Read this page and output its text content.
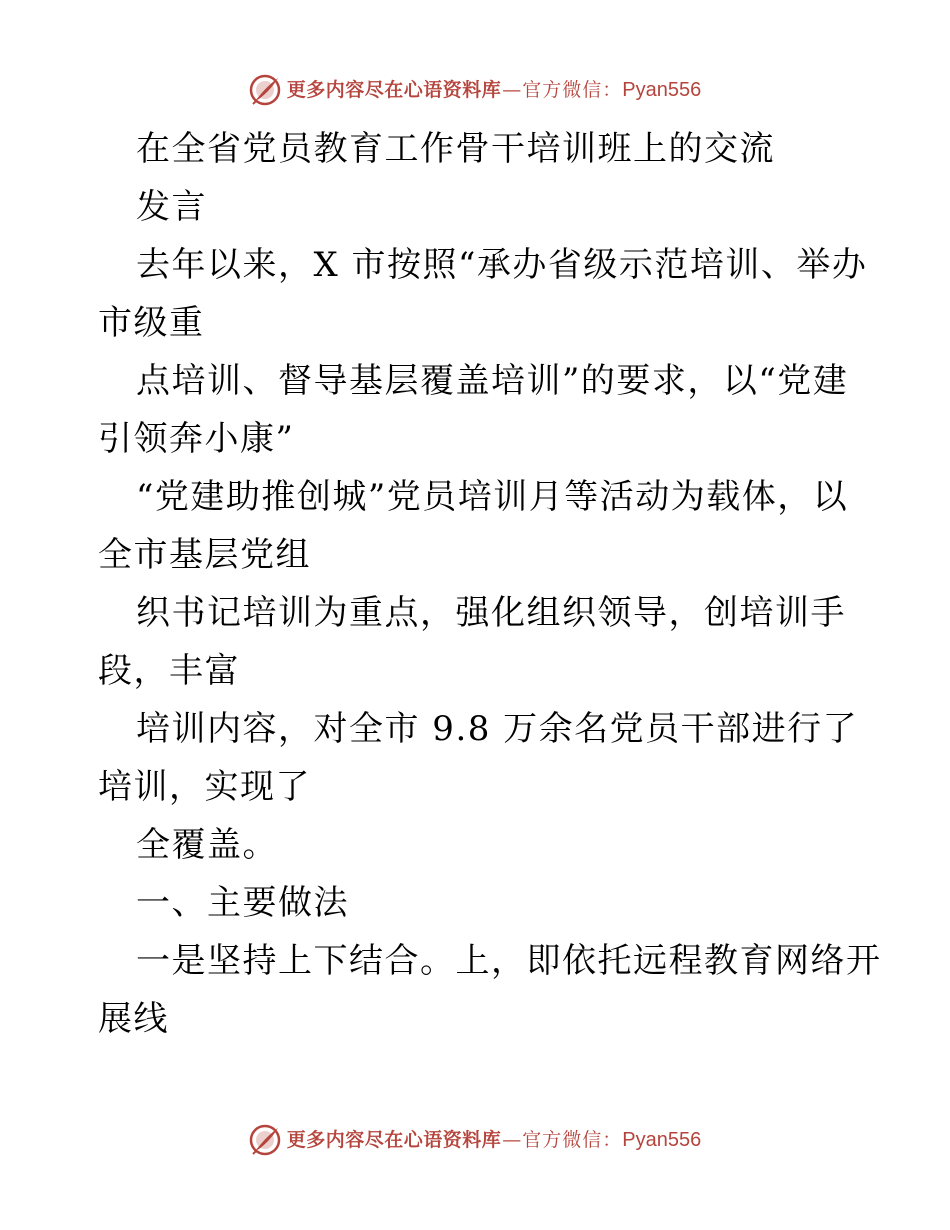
更多内容尽在心语资料库 — 官方微信： Pyan556
在全省党员教育工作骨干培训班上的交流
发言
去年以来，X 市按照“承办省级示范培训、举办
市级重
点培训、督导基层覆盖培训”的要求，以“党建
引领奔小康”
“党建助推创城”党员培训月等活动为载体，以
全市基层党组
织书记培训为重点，强化组织领导，创培训手
段，丰富
培训内容，对全市 9.8 万余名党员干部进行了
培训，实现了
全覆盖。
一、主要做法
一是坚持上下结合。上，即依托远程教育网络开
展线
更多内容尽在心语资料库 — 官方微信： Pyan556
